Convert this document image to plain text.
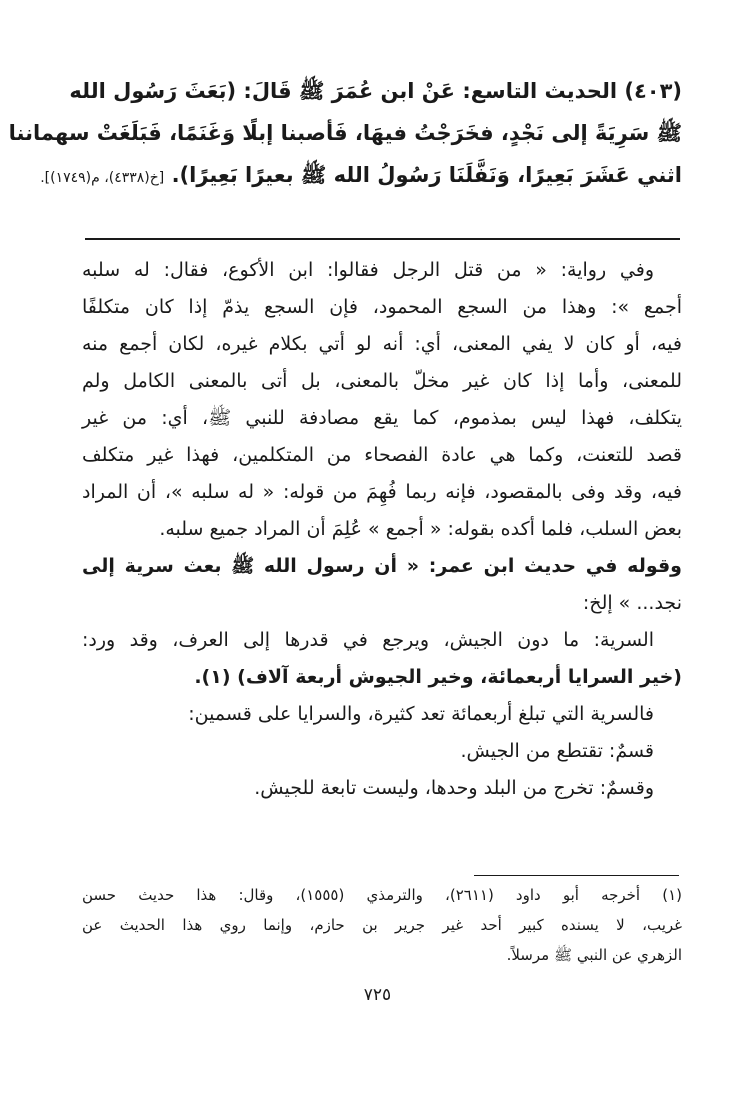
(٤٠٣) الحديث التاسع: عَنْ ابن عُمَرَ ﷺ قَالَ: (بَعَثَ رَسُول الله
ﷺ سَرِيَةً إلى نَجْدٍ، فخَرَجْتُ فيهَا، فَأصبنا إبلًا وَغَنَمًا، فَبَلَغَتْ سهماننا
اثني عَشَرَ بَعِيرًا، وَنَفَّلَنَا رَسُولُ الله ﷺ بعيرًا بَعِيرًا). [خ(٤٣٣٨)، م(١٧٤٩)].
وفي رواية: « من قتل الرجل فقالوا: ابن الأكوع، فقال: له سلبه
أجمع »: وهذا من السجع المحمود، فإن السجع يذمّ إذا كان متكلفًا
فيه، أو كان لا يفي المعنى، أي: أنه لو أتي بكلام غيره، لكان أجمع منه
للمعنى، وأما إذا كان غير مخلّ بالمعنى، بل أتى بالمعنى الكامل ولم
يتكلف، فهذا ليس بمذموم، كما يقع مصادفة للنبي ﷺ، أي: من غير
قصد للتعنت، وكما هي عادة الفصحاء من المتكلمين، فهذا غير متكلف
فيه، وقد وفى بالمقصود، فإنه ربما فُهِمَ من قوله: « له سلبه »، أن المراد
بعض السلب، فلما أكده بقوله: « أجمع » عُلِمَ أن المراد جميع سلبه.
وقوله في حديث ابن عمر: « أن رسول الله ﷺ بعث سرية إلى
نجد... » إلخ:
السرية: ما دون الجيش، ويرجع في قدرها إلى العرف، وقد ورد:
(خير السرايا أربعمائة، وخير الجيوش أربعة آلاف) (١).
فالسرية التي تبلغ أربعمائة تعد كثيرة، والسرايا على قسمين:
قسمٌ: تقتطع من الجيش.
وقسمٌ: تخرج من البلد وحدها، وليست تابعة للجيش.
(١) أخرجه أبو داود (٢٦١١)، والترمذي (١٥٥٥)، وقال: هذا حديث حسن
غريب، لا يسنده كبير أحد غير جرير بن حازم، وإنما روي هذا الحديث عن
الزهري عن النبي ﷺ مرسلاً.
٧٢٥
